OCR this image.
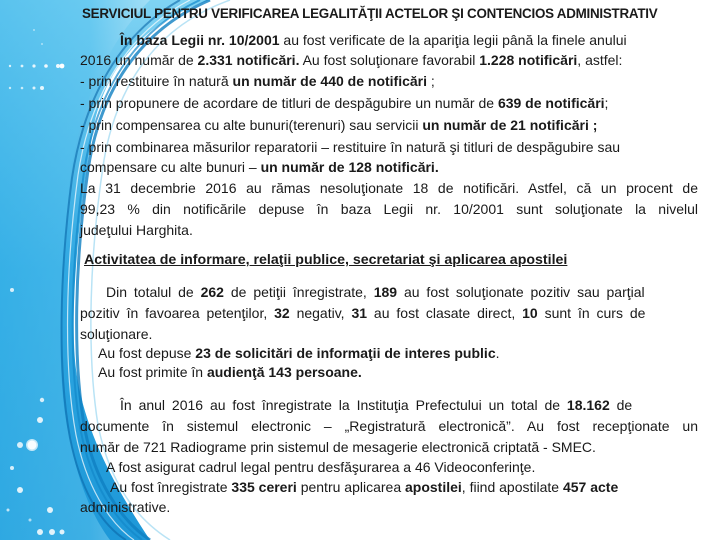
SERVICIUL PENTRU VERIFICAREA LEGALITĂŢII ACTELOR ŞI CONTENCIOS ADMINISTRATIV
În baza Legii nr. 10/2001 au fost verificate de la apariţia legii până la finele anului
2016 un număr de 2.331 notificări. Au fost soluţionare favorabil 1.228 notificări, astfel:
- prin restituire în natură un număr de 440 de notificări ;
- prin propunere de acordare de titluri de despăgubire un număr de 639 de notificări;
- prin compensarea cu alte bunuri(terenuri) sau servicii un număr de 21 notificări ;
- prin combinarea măsurilor reparatorii – restituire în natură şi titluri de despăgubire sau
compensare cu alte bunuri – un număr de 128 notificări.
La 31 decembrie 2016 au rămas nesoluţionate 18 de notificări. Astfel, că un procent de
99,23 % din notificările depuse în baza Legii nr. 10/2001 sunt soluţionate la nivelul
judeţului Harghita.
Activitatea de informare, relaţii publice, secretariat şi aplicarea apostilei
Din totalul de 262 de petiţii înregistrate, 189 au fost soluţionate pozitiv sau parţial
pozitiv în favoarea petenţilor, 32 negativ, 31 au fost clasate direct, 10 sunt în curs de
soluţionare.
Au fost depuse 23 de solicitări de informaţii de interes public.
Au fost primite în audienţă 143 persoane.
În anul 2016 au fost înregistrate la Instituţia Prefectului un total de 18.162 de
documente în sistemul electronic – „Registratură electronică”. Au fost recepţionate un
număr de 721 Radiograme prin sistemul de mesagerie electronică criptată - SMEC.
A fost asigurat cadrul legal pentru desfăşurarea a 46 Videoconferinţe.
Au fost înregistrate 335 cereri pentru aplicarea apostilei, fiind apostilate 457 acte
administrative.
